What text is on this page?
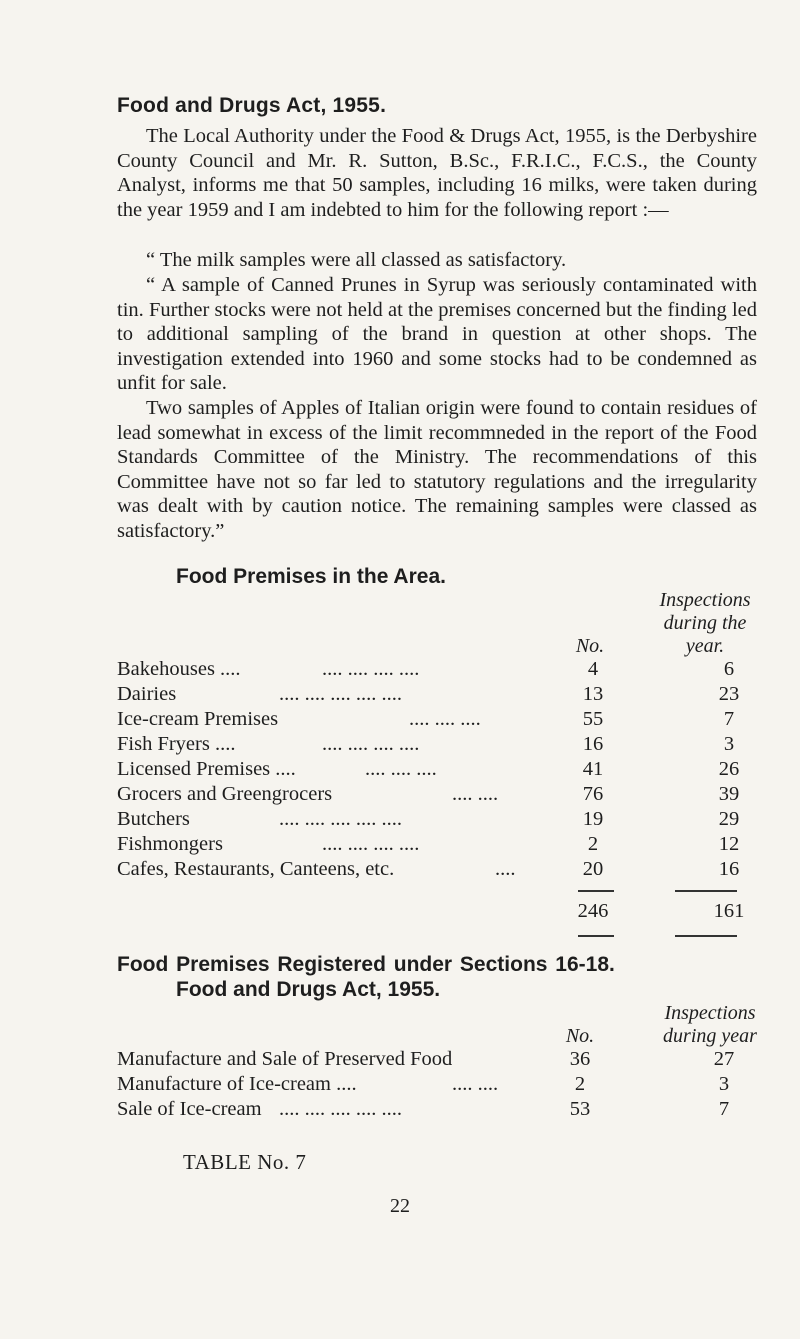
Food and Drugs Act, 1955.

The Local Authority under the Food & Drugs Act, 1955, is the Derbyshire County Council and Mr. R. Sutton, B.Sc., F.R.I.C., F.C.S., the County Analyst, informs me that 50 samples, including 16 milks, were taken during the year 1959 and I am indebted to him for the following report :—

“ The milk samples were all classed as satisfactory.

“ A sample of Canned Prunes in Syrup was seriously contaminated with tin. Further stocks were not held at the premises concerned but the finding led to additional sampling of the brand in question at other shops. The investigation extended into 1960 and some stocks had to be condemned as unfit for sale.

Two samples of Apples of Italian origin were found to contain residues of lead somewhat in excess of the limit recommneded in the report of the Food Standards Committee of the Ministry. The recommendations of this Committee have not so far led to statutory regulations and the irregularity was dealt with by caution notice. The remaining samples were classed as satisfactory.”

Food Premises in the Area.
Inspections
during the
year.
No.
Bakehouses ....	.... .... .... ....	4	6
Dairies	.... .... .... .... ....	13	23
Ice-cream Premises	.... .... ....	55	7
Fish Fryers ....	.... .... .... ....	16	3
Licensed Premises ....	.... .... ....	41	26
Grocers and Greengrocers	.... ....	76	39
Butchers	.... .... .... .... ....	19	29
Fishmongers	.... .... .... ....	2	12
Cafes, Restaurants, Canteens, etc.	....	20	16
246	161
Food Premises Registered under Sections 16-18.
Food and Drugs Act, 1955.
Inspections
during year
No.
Manufacture and Sale of Preserved Food	36	27
Manufacture of Ice-cream ....	.... ....	2	3
Sale of Ice-cream .... .... .... .... ....	53	7
TABLE No. 7
22
